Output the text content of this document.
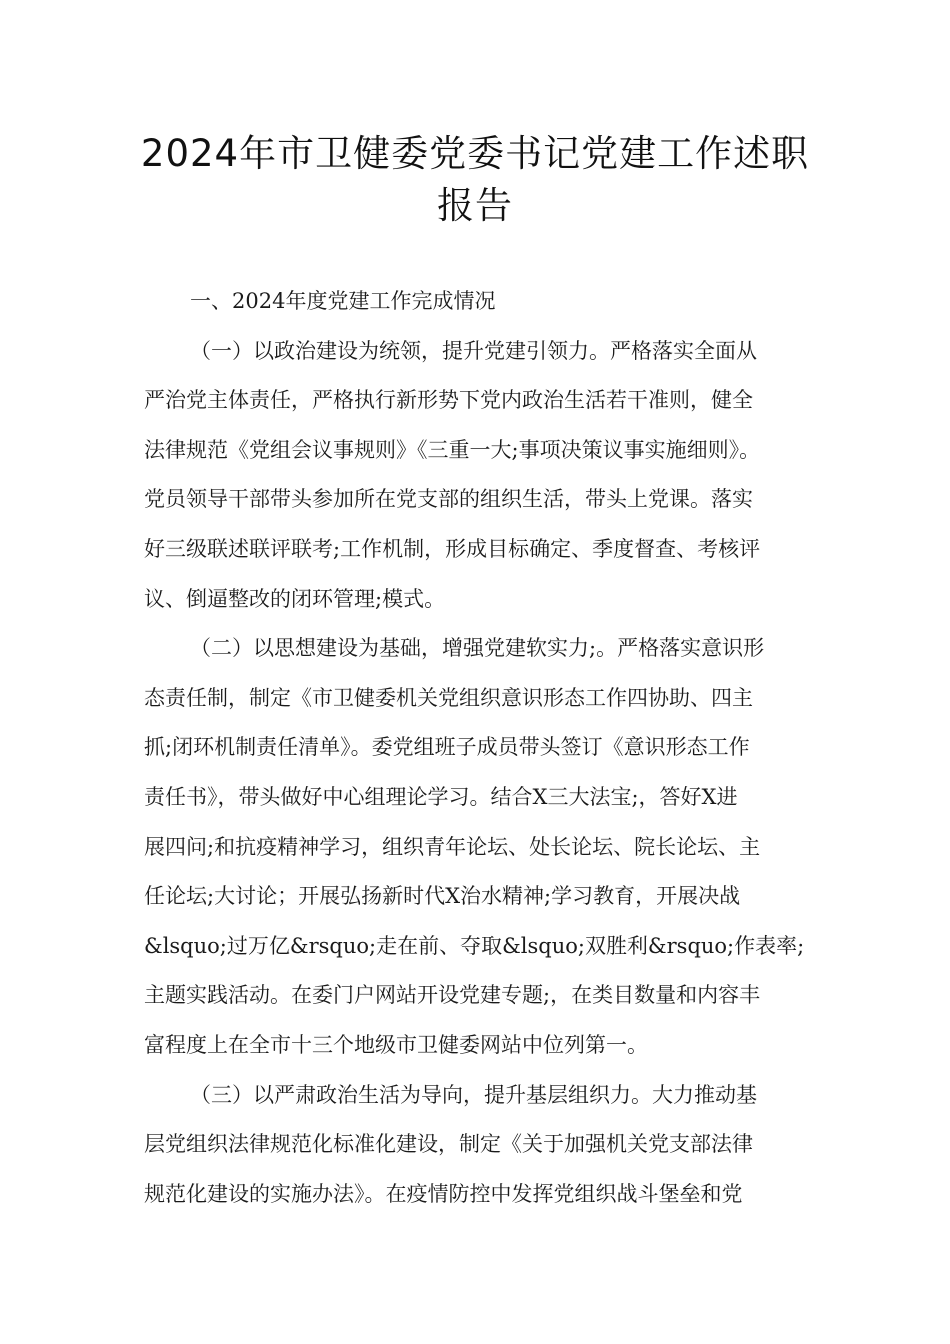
2024年市卫健委党委书记党建工作述职
报告
一、2024年度党建工作完成情况
（一）以政治建设为统领，提升党建引领力。严格落实全面从
严治党主体责任，严格执行新形势下党内政治生活若干准则，健全
法律规范《党组会议事规则》《三重一大;事项决策议事实施细则》。
党员领导干部带头参加所在党支部的组织生活，带头上党课。落实
好三级联述联评联考;工作机制，形成目标确定、季度督查、考核评
议、倒逼整改的闭环管理;模式。
（二）以思想建设为基础，增强党建软实力;。严格落实意识形
态责任制，制定《市卫健委机关党组织意识形态工作四协助、四主
抓;闭环机制责任清单》。委党组班子成员带头签订《意识形态工作
责任书》，带头做好中心组理论学习。结合X三大法宝;，答好X进
展四问;和抗疫精神学习，组织青年论坛、处长论坛、院长论坛、主
任论坛;大讨论；开展弘扬新时代X治水精神;学习教育，开展决战
&lsquo;过万亿&rsquo;走在前、夺取&lsquo;双胜利&rsquo;作表率;
主题实践活动。在委门户网站开设党建专题;，在类目数量和内容丰
富程度上在全市十三个地级市卫健委网站中位列第一。
（三）以严肃政治生活为导向，提升基层组织力。大力推动基
层党组织法律规范化标准化建设，制定《关于加强机关党支部法律
规范化建设的实施办法》。在疫情防控中发挥党组织战斗堡垒和党
